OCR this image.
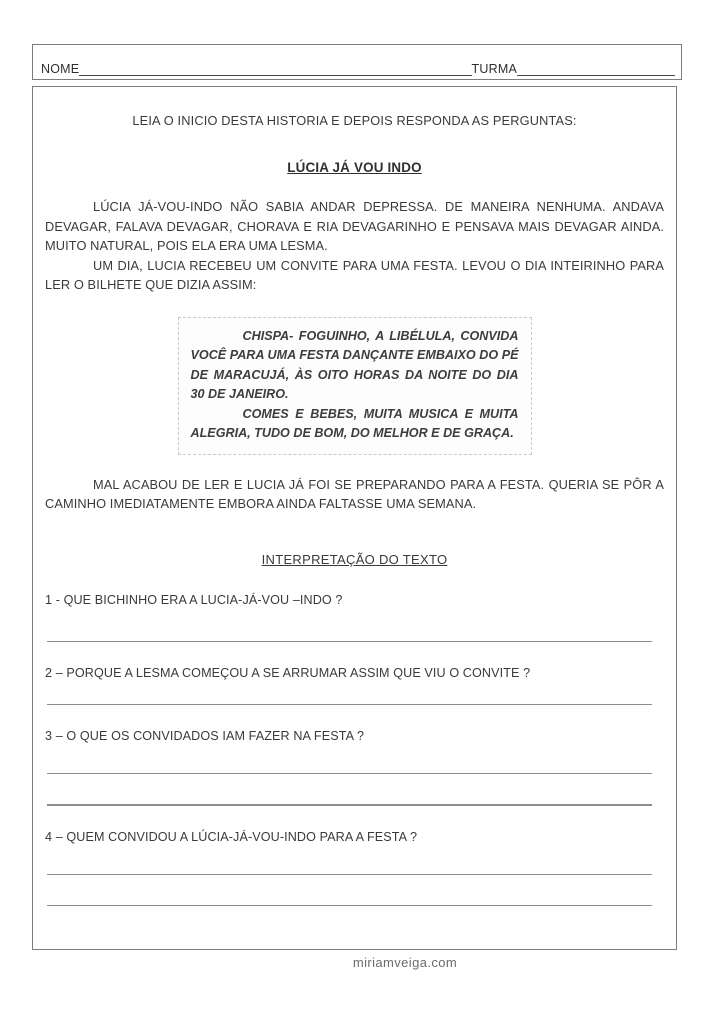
NOME	TURMA
LEIA O INICIO DESTA HISTORIA E DEPOIS RESPONDA AS PERGUNTAS:
LÚCIA JÁ VOU INDO

LÚCIA JÁ-VOU-INDO NÃO SABIA ANDAR DEPRESSA. DE MANEIRA NENHUMA. ANDAVA DEVAGAR, FALAVA DEVAGAR, CHORAVA E RIA DEVAGARINHO E PENSAVA MAIS DEVAGAR AINDA. MUITO NATURAL, POIS ELA ERA UMA LESMA.

UM DIA, LUCIA RECEBEU UM CONVITE PARA UMA FESTA. LEVOU O DIA INTEIRINHO PARA LER O BILHETE QUE DIZIA ASSIM:

CHISPA- FOGUINHO, A LIBÉLULA, CONVIDA VOCÊ PARA UMA FESTA DANÇANTE EMBAIXO DO PÉ DE MARACUJÁ, ÀS OITO HORAS DA NOITE DO DIA 30 DE JANEIRO.

COMES E BEBES, MUITA MUSICA E MUITA ALEGRIA, TUDO DE BOM, DO MELHOR E DE GRAÇA.

MAL ACABOU DE LER E LUCIA JÁ FOI SE PREPARANDO PARA A FESTA. QUERIA SE PÔR A CAMINHO IMEDIATAMENTE EMBORA AINDA FALTASSE UMA SEMANA.

INTERPRETAÇÃO DO TEXTO

1 - QUE BICHINHO ERA A LUCIA-JÁ-VOU –INDO ?

2 – PORQUE A LESMA COMEÇOU A SE ARRUMAR ASSIM QUE VIU O CONVITE ?

3 – O QUE OS CONVIDADOS IAM FAZER NA FESTA ?

4 – QUEM CONVIDOU A LÚCIA-JÁ-VOU-INDO PARA A FESTA ?

miriamveiga.com
